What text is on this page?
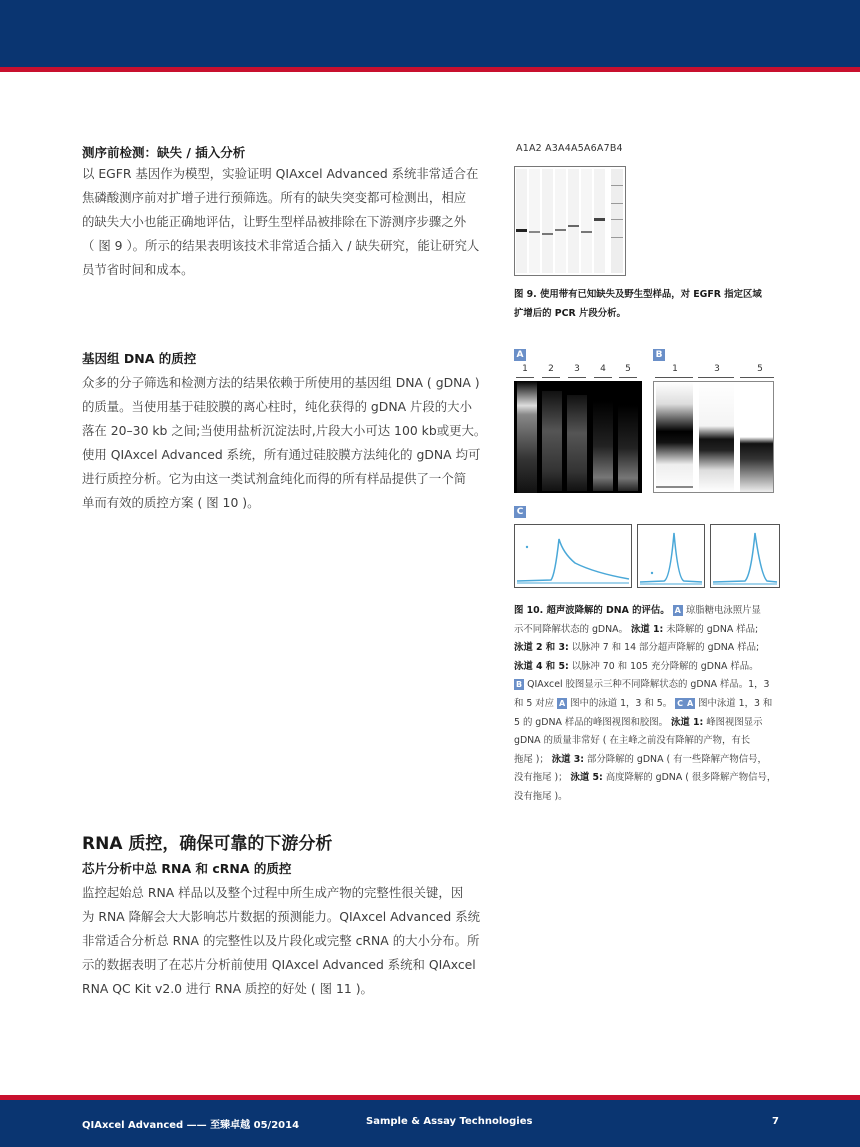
测序前检测：缺失 / 插入分析
以 EGFR 基因作为模型，实验证明 QIAxcel Advanced 系统非常适合在
焦磷酸测序前对扩增子进行预筛选。所有的缺失突变都可检测出，相应
的缺失大小也能正确地评估，让野生型样品被排除在下游测序步骤之外
（ 图 9 ）。所示的结果表明该技术非常适合插入 / 缺失研究，能让研究人
员节省时间和成本。
基因组 DNA 的质控
众多的分子筛选和检测方法的结果依赖于所使用的基因组 DNA ( gDNA )
的质量。当使用基于硅胶膜的离心柱时，纯化获得的 gDNA 片段的大小
落在 20–30 kb 之间;当使用盐析沉淀法时,片段大小可达 100 kb或更大。
使用 QIAxcel Advanced 系统，所有通过硅胶膜方法纯化的 gDNA 均可
进行质控分析。它为由这一类试剂盒纯化而得的所有样品提供了一个简
单而有效的质控方案 ( 图 10 )。
RNA 质控，确保可靠的下游分析
芯片分析中总 RNA 和 cRNA 的质控
监控起始总 RNA 样品以及整个过程中所生成产物的完整性很关键，因
为 RNA 降解会大大影响芯片数据的预测能力。QIAxcel Advanced 系统
非常适合分析总 RNA 的完整性以及片段化或完整 cRNA 的大小分布。所
示的数据表明了在芯片分析前使用 QIAxcel Advanced 系统和 QIAxcel
RNA QC Kit v2.0 进行 RNA 质控的好处 ( 图 11 )。
A1A2 A3A4A5A6A7B4
图 9. 使用带有已知缺失及野生型样品，对 EGFR 指定区域
扩增后的 PCR 片段分析。
A	B
1	2	3	4	5	1	3	5
C
图 10. 超声波降解的 DNA 的评估。 A 琼脂糖电泳照片显
示不同降解状态的 gDNA。 泳道 1: 未降解的 gDNA 样品;
泳道 2 和 3: 以脉冲 7 和 14 部分超声降解的 gDNA 样品;
泳道 4 和 5: 以脉冲 70 和 105 充分降解的 gDNA 样品。
B QIAxcel 胶图显示三种不同降解状态的 gDNA 样品。1，3
和 5 对应 A 图中的泳道 1，3 和 5。 C A 图中泳道 1，3 和
5 的 gDNA 样品的峰图视图和胶图。 泳道 1: 峰图视图显示
gDNA 的质量非常好 ( 在主峰之前没有降解的产物，有长
拖尾 )； 泳道 3: 部分降解的 gDNA ( 有一些降解产物信号，
没有拖尾 )； 泳道 5: 高度降解的 gDNA ( 很多降解产物信号，
没有拖尾 )。
QIAxcel Advanced —— 至臻卓越 05/2014	Sample & Assay Technologies	7
